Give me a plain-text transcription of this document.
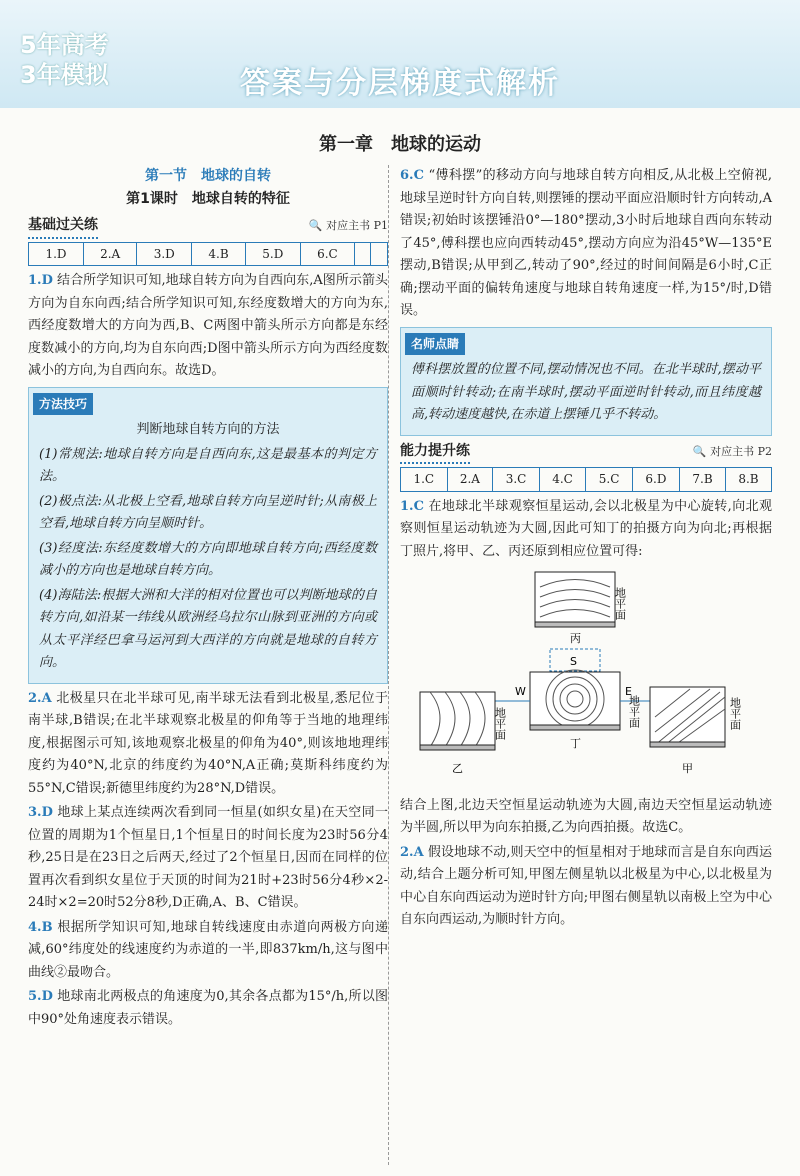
5年高考
3年模拟	答案与分层梯度式解析
第一章　地球的运动
第一节　地球的自转
第1课时　地球自转的特征
基础过关练	🔍 对应主书 P1
1.D	2.A	3.D	4.B	5.D	6.C		

1.D 结合所学知识可知,地球自转方向为自西向东,A图所示箭头方向为自东向西;结合所学知识可知,东经度数增大的方向为东,西经度数增大的方向为西,B、C两图中箭头所示方向都是东经度数减小的方向,均为自东向西;D图中箭头所示方向为西经度数减小的方向,为自西向东。故选D。

方法技巧
判断地球自转方向的方法

(1)常规法:地球自转方向是自西向东,这是最基本的判定方法。

(2)极点法:从北极上空看,地球自转方向呈逆时针;从南极上空看,地球自转方向呈顺时针。

(3)经度法:东经度数增大的方向即地球自转方向;西经度数减小的方向也是地球自转方向。

(4)海陆法:根据大洲和大洋的相对位置也可以判断地球的自转方向,如沿某一纬线从欧洲经乌拉尔山脉到亚洲的方向或从太平洋经巴拿马运河到大西洋的方向就是地球的自转方向。

2.A 北极星只在北半球可见,南半球无法看到北极星,悉尼位于南半球,B错误;在北半球观察北极星的仰角等于当地的地理纬度,根据图示可知,该地观察北极星的仰角为40°,则该地地理纬度约为40°N,北京的纬度约为40°N,A正确;莫斯科纬度约为55°N,C错误;新德里纬度约为28°N,D错误。

3.D 地球上某点连续两次看到同一恒星(如织女星)在天空同一位置的周期为1个恒星日,1个恒星日的时间长度为23时56分4秒,25日是在23日之后两天,经过了2个恒星日,因而在同样的位置再次看到织女星位于天顶的时间为21时+23时56分4秒×2-24时×2=20时52分8秒,D正确,A、B、C错误。

4.B 根据所学知识可知,地球自转线速度由赤道向两极方向递减,60°纬度处的线速度约为赤道的一半,即837km/h,这与图中曲线②最吻合。

5.D 地球南北两极点的角速度为0,其余各点都为15°/h,所以图中90°处角速度表示错误。

6.C “傅科摆”的移动方向与地球自转方向相反,从北极上空俯视,地球呈逆时针方向自转,则摆锤的摆动平面应沿顺时针方向转动,A错误;初始时该摆锤沿0°—180°摆动,3小时后地球自西向东转动了45°,傅科摆也应向西转动45°,摆动方向应为沿45°W—135°E摆动,B错误;从甲到乙,转动了90°,经过的时间间隔是6小时,C正确;摆动平面的偏转角速度与地球自转角速度一样,为15°/时,D错误。

名师点睛

傅科摆放置的位置不同,摆动情况也不同。在北半球时,摆动平面顺时针转动;在南半球时,摆动平面逆时针转动,而且纬度越高,转动速度越快,在赤道上摆锤几乎不转动。

能力提升练	🔍 对应主书 P2
1.C	2.A	3.C	4.C	5.C	6.D	7.B	8.B

1.C 在地球北半球观察恒星运动,会以北极星为中心旋转,向北观察则恒星运动轨迹为大圆,因此可知丁的拍摄方向为向北;再根据丁照片,将甲、乙、丙还原到相应位置可得:

丙
地平面
S
丁
W	E
地平面
地平面
乙
地平面
甲

结合上图,北边天空恒星运动轨迹为大圆,南边天空恒星运动轨迹为半圆,所以甲为向东拍摄,乙为向西拍摄。故选C。

2.A 假设地球不动,则天空中的恒星相对于地球而言是自东向西运动,结合上题分析可知,甲图左侧星轨以北极星为中心,以北极星为中心自东向西运动为逆时针方向;甲图右侧星轨以南极上空为中心自东向西运动,为顺时针方向。
